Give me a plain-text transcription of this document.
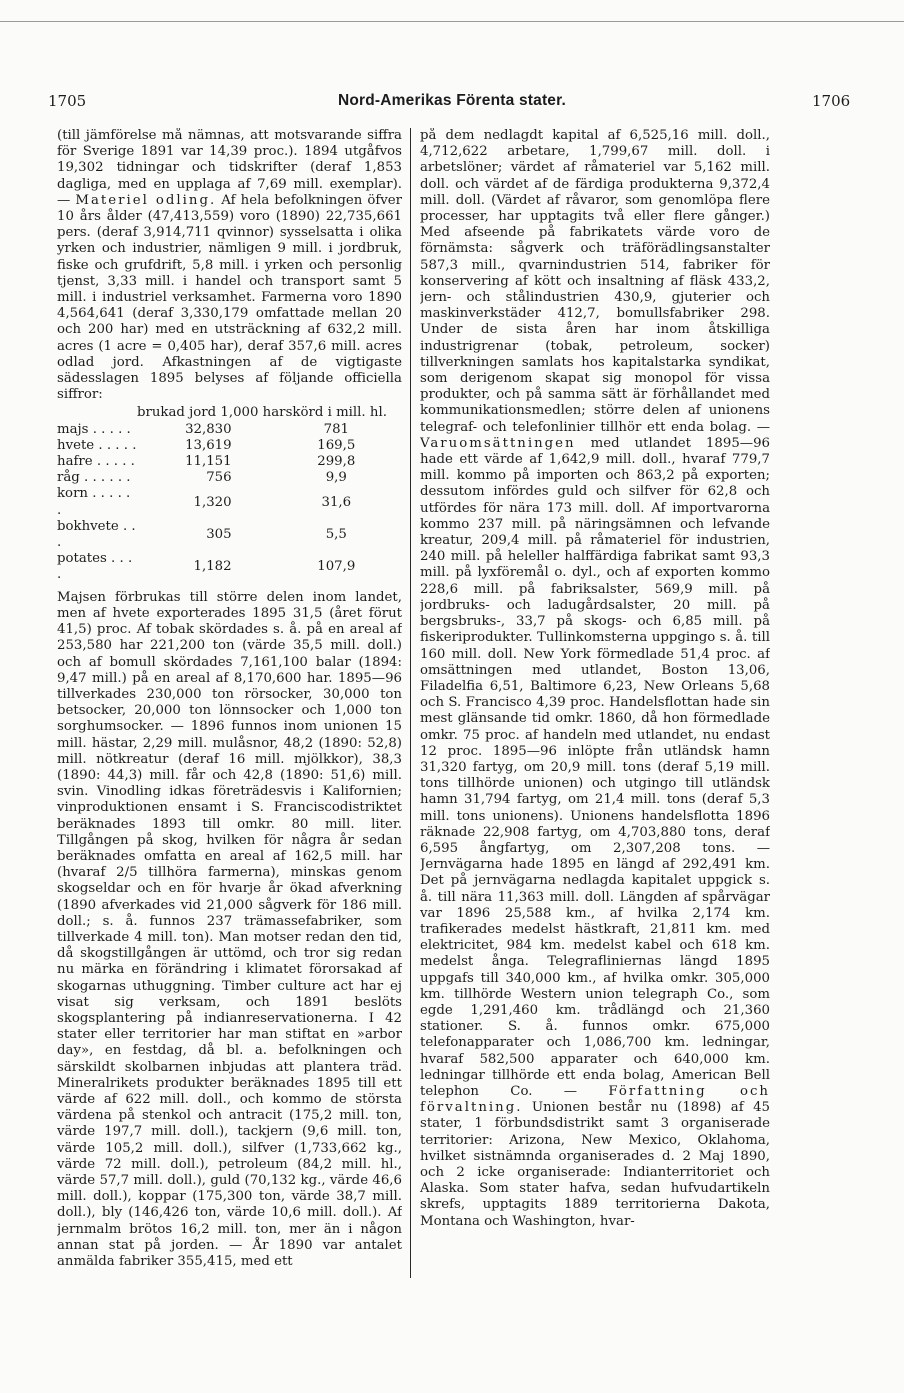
1705	Nord-Amerikas Förenta stater.	1706

(till jämförelse må nämnas, att motsvarande siffra för Sverige 1891 var 14,39 proc.). 1894 utgåfvos 19,302 tidningar och tidskrifter (deraf 1,853 dagliga, med en upplaga af 7,69 mill. exemplar). — Materiel odling. Af hela befolkningen öfver 10 års ålder (47,413,559) voro (1890) 22,735,661 pers. (deraf 3,914,711 qvinnor) sysselsatta i olika yrken och industrier, nämligen 9 mill. i jordbruk, fiske och grufdrift, 5,8 mill. i yrken och personlig tjenst, 3,33 mill. i handel och transport samt 5 mill. i industriel verksamhet. Farmerna voro 1890 4,564,641 (deraf 3,330,179 omfattade mellan 20 och 200 har) med en utsträckning af 632,2 mill. acres (1 acre = 0,405 har), deraf 357,6 mill. acres odlad jord. Afkastningen af de vigtigaste sädesslagen 1895 belyses af följande officiella siffror:

	brukad jord 1,000 har	skörd i mill. hl.
majs . . . . .	32,830	781
hvete . . . . .	13,619	169,5
hafre . . . . .	11,151	299,8
råg . . . . . .	756	9,9
korn . . . . . .	1,320	31,6
bokhvete . . .	305	5,5
potates . . . .	1,182	107,9

Majsen förbrukas till större delen inom landet, men af hvete exporterades 1895 31,5 (året förut 41,5) proc. Af tobak skördades s. å. på en areal af 253,580 har 221,200 ton (värde 35,5 mill. doll.) och af bomull skördades 7,161,100 balar (1894: 9,47 mill.) på en areal af 8,170,600 har. 1895—96 tillverkades 230,000 ton rörsocker, 30,000 ton betsocker, 20,000 ton lönnsocker och 1,000 ton sorghumsocker. — 1896 funnos inom unionen 15 mill. hästar, 2,29 mill. mulåsnor, 48,2 (1890: 52,8) mill. nötkreatur (deraf 16 mill. mjölkkor), 38,3 (1890: 44,3) mill. får och 42,8 (1890: 51,6) mill. svin. Vinodling idkas företrädesvis i Kalifornien; vinproduktionen ensamt i S. Franciscodistriktet beräknades 1893 till omkr. 80 mill. liter. Tillgången på skog, hvilken för några år sedan beräknades omfatta en areal af 162,5 mill. har (hvaraf 2/5 tillhöra farmerna), minskas genom skogseldar och en för hvarje år ökad afverkning (1890 afverkades vid 21,000 sågverk för 186 mill. doll.; s. å. funnos 237 trämassefabriker, som tillverkade 4 mill. ton). Man motser redan den tid, då skogstillgången är uttömd, och tror sig redan nu märka en förändring i klimatet förorsakad af skogarnas uthuggning. Timber culture act har ej visat sig verksam, och 1891 beslöts skogsplantering på indianreservationerna. I 42 stater eller territorier har man stiftat en »arbor day», en festdag, då bl. a. befolkningen och särskildt skolbarnen inbjudas att plantera träd. Mineralrikets produkter beräknades 1895 till ett värde af 622 mill. doll., och kommo de största värdena på stenkol och antracit (175,2 mill. ton, värde 197,7 mill. doll.), tackjern (9,6 mill. ton, värde 105,2 mill. doll.), silfver (1,733,662 kg., värde 72 mill. doll.), petroleum (84,2 mill. hl., värde 57,7 mill. doll.), guld (70,132 kg., värde 46,6 mill. doll.), koppar (175,300 ton, värde 38,7 mill. doll.), bly (146,426 ton, värde 10,6 mill. doll.). Af jernmalm brötos 16,2 mill. ton, mer än i någon annan stat på jorden. — År 1890 var antalet anmälda fabriker 355,415, med ett

på dem nedlagdt kapital af 6,525,16 mill. doll., 4,712,622 arbetare, 1,799,67 mill. doll. i arbetslöner; värdet af råmateriel var 5,162 mill. doll. och värdet af de färdiga produkterna 9,372,4 mill. doll. (Värdet af råvaror, som genomlöpa flere processer, har upptagits två eller flere gånger.) Med afseende på fabrikatets värde voro de förnämsta: sågverk och träförädlingsanstalter 587,3 mill., qvarnindustrien 514, fabriker för konservering af kött och insaltning af fläsk 433,2, jern- och stålindustrien 430,9, gjuterier och maskinverkstäder 412,7, bomullsfabriker 298. Under de sista åren har inom åtskilliga industrigrenar (tobak, petroleum, socker) tillverkningen samlats hos kapitalstarka syndikat, som derigenom skapat sig monopol för vissa produkter, och på samma sätt är förhållandet med kommunikationsmedlen; större delen af unionens telegraf- och telefonlinier tillhör ett enda bolag. — Varuomsättningen med utlandet 1895—96 hade ett värde af 1,642,9 mill. doll., hvaraf 779,7 mill. kommo på importen och 863,2 på exporten; dessutom infördes guld och silfver för 62,8 och utfördes för nära 173 mill. doll. Af importvarorna kommo 237 mill. på näringsämnen och lefvande kreatur, 209,4 mill. på råmateriel för industrien, 240 mill. på heleller halffärdiga fabrikat samt 93,3 mill. på lyxföremål o. dyl., och af exporten kommo 228,6 mill. på fabriksalster, 569,9 mill. på jordbruks- och ladugårdsalster, 20 mill. på bergsbruks-, 33,7 på skogs- och 6,85 mill. på fiskeriprodukter. Tullinkomsterna uppgingo s. å. till 160 mill. doll. New York förmedlade 51,4 proc. af omsättningen med utlandet, Boston 13,06, Filadelfia 6,51, Baltimore 6,23, New Orleans 5,68 och S. Francisco 4,39 proc. Handelsflottan hade sin mest glänsande tid omkr. 1860, då hon förmedlade omkr. 75 proc. af handeln med utlandet, nu endast 12 proc. 1895—96 inlöpte från utländsk hamn 31,320 fartyg, om 20,9 mill. tons (deraf 5,19 mill. tons tillhörde unionen) och utgingo till utländsk hamn 31,794 fartyg, om 21,4 mill. tons (deraf 5,3 mill. tons unionens). Unionens handelsflotta 1896 räknade 22,908 fartyg, om 4,703,880 tons, deraf 6,595 ångfartyg, om 2,307,208 tons. — Jernvägarna hade 1895 en längd af 292,491 km. Det på jernvägarna nedlagda kapitalet uppgick s. å. till nära 11,363 mill. doll. Längden af spårvägar var 1896 25,588 km., af hvilka 2,174 km. trafikerades medelst hästkraft, 21,811 km. med elektricitet, 984 km. medelst kabel och 618 km. medelst ånga. Telegrafliniernas längd 1895 uppgafs till 340,000 km., af hvilka omkr. 305,000 km. tillhörde Western union telegraph Co., som egde 1,291,460 km. trådlängd och 21,360 stationer. S. å. funnos omkr. 675,000 telefonapparater och 1,086,700 km. ledningar, hvaraf 582,500 apparater och 640,000 km. ledningar tillhörde ett enda bolag, American Bell telephon Co. — Författning och förvaltning. Unionen består nu (1898) af 45 stater, 1 förbundsdistrikt samt 3 organiserade territorier: Arizona, New Mexico, Oklahoma, hvilket sistnämnda organiserades d. 2 Maj 1890, och 2 icke organiserade: Indianterritoriet och Alaska. Som stater hafva, sedan hufvudartikeln skrefs, upptagits 1889 territorierna Dakota, Montana och Washington, hvar-
